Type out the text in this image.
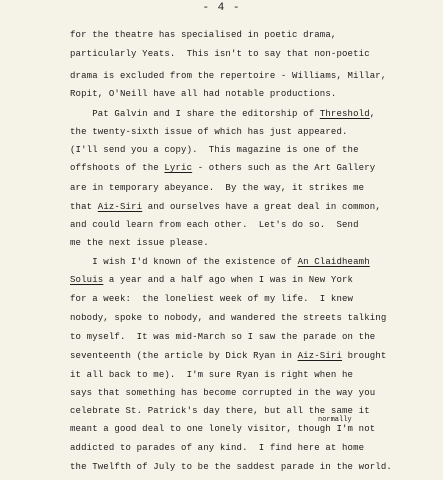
- 4 -
for the theatre has specialised in poetic drama,
particularly Yeats.  This isn't to say that non-poetic
drama is excluded from the repertoire - Williams, Millar,
Ropit, O'Neill have all had notable productions.
Pat Galvin and I share the editorship of Threshold,
the twenty-sixth issue of which has just appeared.
(I'll send you a copy).  This magazine is one of the
offshoots of the Lyric - others such as the Art Gallery
are in temporary abeyance.  By the way, it strikes me
that Aiz-Siri and ourselves have a great deal in common,
and could learn from each other.  Let's do so.  Send
me the next issue please.
I wish I'd known of the existence of An Claidheamh
Soluis a year and a half ago when I was in New York
for a week:  the loneliest week of my life.  I knew
nobody, spoke to nobody, and wandered the streets talking
to myself.  It was mid-March so I saw the parade on the
seventeenth (the article by Dick Ryan in Aiz-Siri brought
it all back to me).  I'm sure Ryan is right when he
says that something has become corrupted in the way you
celebrate St. Patrick's day there, but all the same it
meant a good deal to one lonely visitor, though I'm not
addicted to parades of any kind.  I find here at home
the Twelfth of July to be the saddest parade in the world.
normally
